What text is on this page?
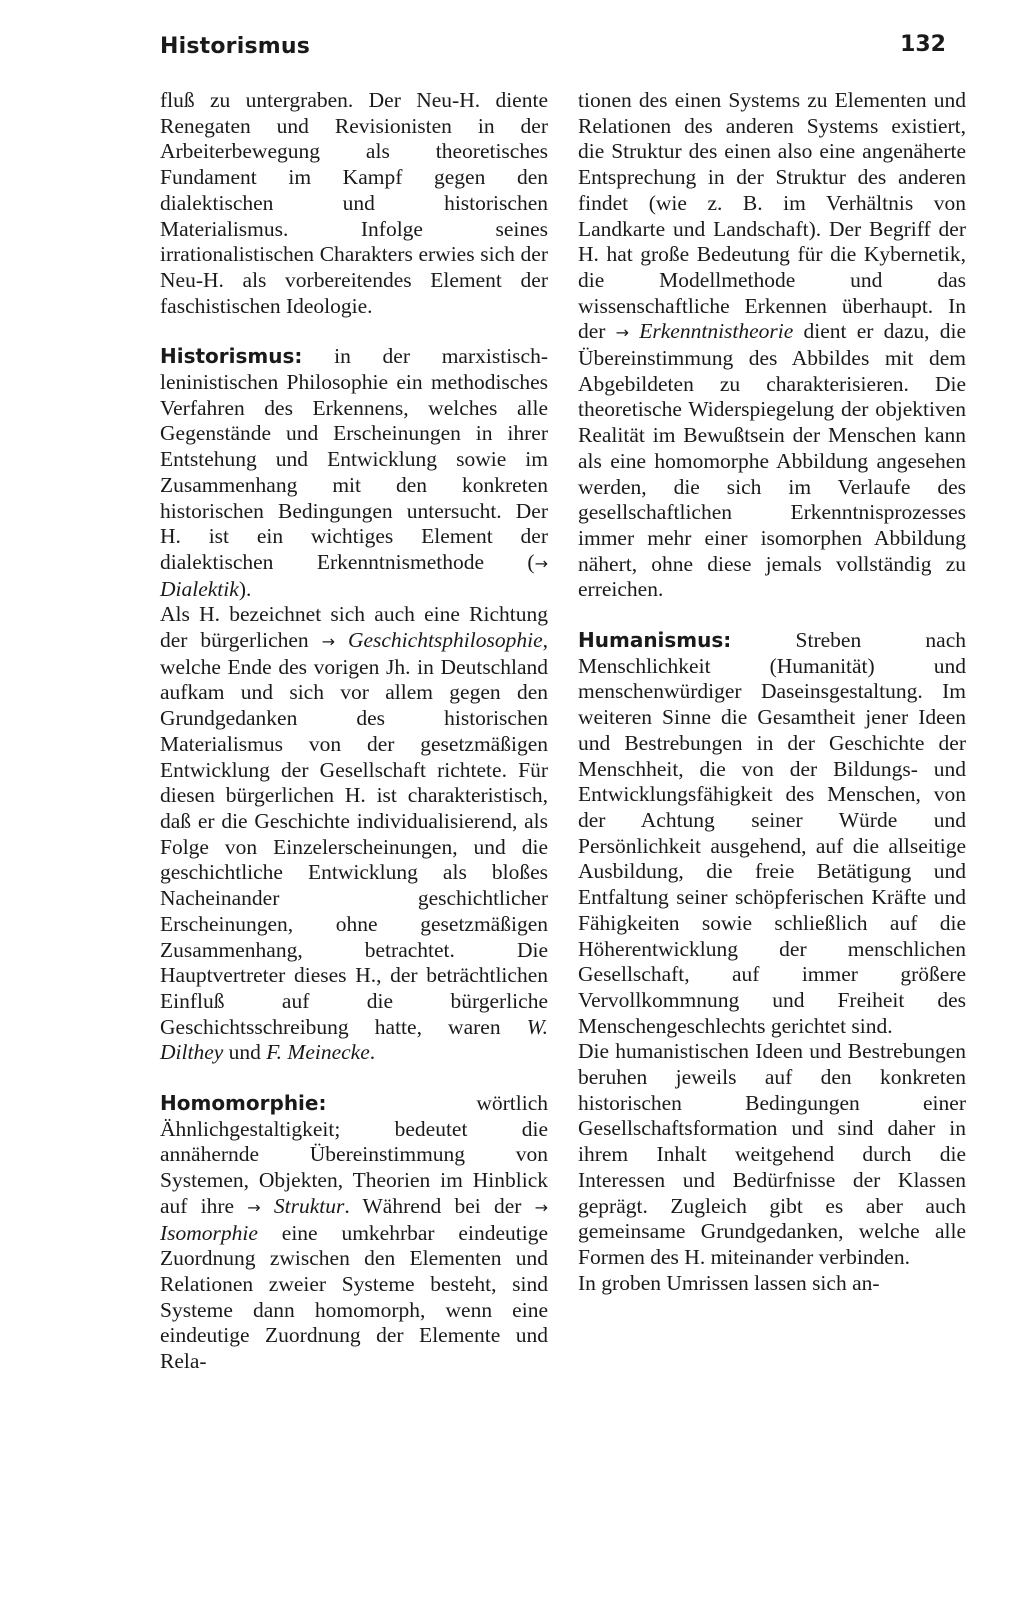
Historismus	132

fluß zu untergraben. Der Neu-H. diente Renegaten und Revisionisten in der Arbeiterbewegung als theoretisches Fundament im Kampf gegen den dialektischen und historischen Materialismus. Infolge seines irrationalistischen Charakters erwies sich der Neu-H. als vorbereitendes Element der faschistischen Ideologie.

Historismus: in der marxistisch-leninistischen Philosophie ein methodisches Verfahren des Erkennens, welches alle Gegenstände und Erscheinungen in ihrer Entstehung und Entwicklung sowie im Zusammenhang mit den konkreten historischen Bedingungen untersucht. Der H. ist ein wichtiges Element der dialektischen Erkenntnismethode (→ Dialektik).

Als H. bezeichnet sich auch eine Richtung der bürgerlichen → Geschichtsphilosophie, welche Ende des vorigen Jh. in Deutschland aufkam und sich vor allem gegen den Grundgedanken des historischen Materialismus von der gesetzmäßigen Entwicklung der Gesellschaft richtete. Für diesen bürgerlichen H. ist charakteristisch, daß er die Geschichte individualisierend, als Folge von Einzelerscheinungen, und die geschichtliche Entwicklung als bloßes Nacheinander geschichtlicher Erscheinungen, ohne gesetzmäßigen Zusammenhang, betrachtet. Die Hauptvertreter dieses H., der beträchtlichen Einfluß auf die bürgerliche Geschichtsschreibung hatte, waren W. Dilthey und F. Meinecke.

Homomorphie: wörtlich Ähnlichgestaltigkeit; bedeutet die annähernde Übereinstimmung von Systemen, Objekten, Theorien im Hinblick auf ihre → Struktur. Während bei der → Isomorphie eine umkehrbar eindeutige Zuordnung zwischen den Elementen und Relationen zweier Systeme besteht, sind Systeme dann homomorph, wenn eine eindeutige Zuordnung der Elemente und Rela-

tionen des einen Systems zu Elementen und Relationen des anderen Systems existiert, die Struktur des einen also eine angenäherte Entsprechung in der Struktur des anderen findet (wie z. B. im Verhältnis von Landkarte und Landschaft). Der Begriff der H. hat große Bedeutung für die Kybernetik, die Modellmethode und das wissenschaftliche Erkennen überhaupt. In der → Erkenntnistheorie dient er dazu, die Übereinstimmung des Abbildes mit dem Abgebildeten zu charakterisieren. Die theoretische Widerspiegelung der objektiven Realität im Bewußtsein der Menschen kann als eine homomorphe Abbildung angesehen werden, die sich im Verlaufe des gesellschaftlichen Erkenntnisprozesses immer mehr einer isomorphen Abbildung nähert, ohne diese jemals vollständig zu erreichen.

Humanismus: Streben nach Menschlichkeit (Humanität) und menschenwürdiger Daseinsgestaltung. Im weiteren Sinne die Gesamtheit jener Ideen und Bestrebungen in der Geschichte der Menschheit, die von der Bildungs- und Entwicklungsfähigkeit des Menschen, von der Achtung seiner Würde und Persönlichkeit ausgehend, auf die allseitige Ausbildung, die freie Betätigung und Entfaltung seiner schöpferischen Kräfte und Fähigkeiten sowie schließlich auf die Höherentwicklung der menschlichen Gesellschaft, auf immer größere Vervollkommnung und Freiheit des Menschengeschlechts gerichtet sind.

Die humanistischen Ideen und Bestrebungen beruhen jeweils auf den konkreten historischen Bedingungen einer Gesellschaftsformation und sind daher in ihrem Inhalt weitgehend durch die Interessen und Bedürfnisse der Klassen geprägt. Zugleich gibt es aber auch gemeinsame Grundgedanken, welche alle Formen des H. miteinander verbinden.

In groben Umrissen lassen sich an-
